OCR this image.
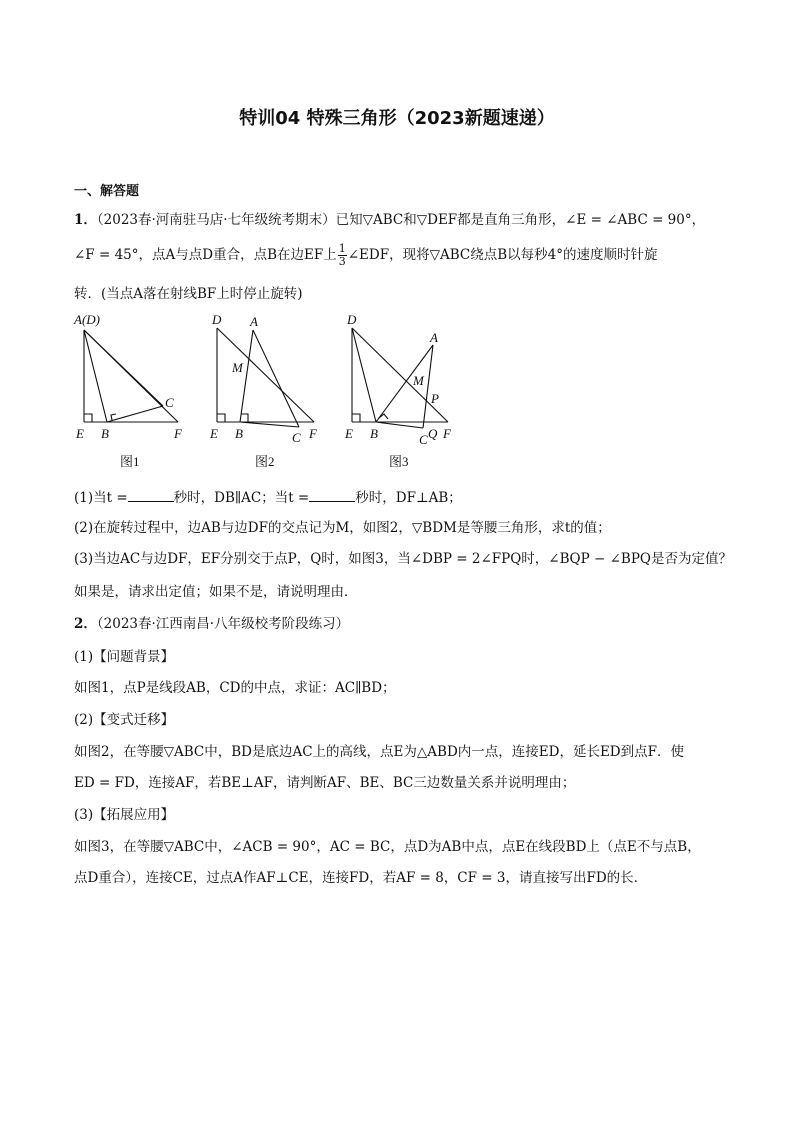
特训04 特殊三角形（2023新题速递）
一、解答题
1．（2023春·河南驻马店·七年级统考期末）已知▽ABC和▽DEF都是直角三角形，∠E = ∠ABC = 90°，
∠F = 45°，点A与点D重合，点B在边EF上 $\frac{1}{3}$ ∠EDF，现将▽ABC绕点B以每秒4°的速度顺时针旋
转．(当点A落在射线BF上时停止旋转)
A(D)
E B
C
F
图1
D A
M
E B	C F
图2
D
A
M
P
E B	Q F
C
图3
(1)当t =	秒时，DB∥AC；当t =	秒时，DF⊥AB；
(2)在旋转过程中，边AB与边DF的交点记为M，如图2，▽BDM是等腰三角形，求t的值；
(3)当边AC与边DF，EF分别交于点P，Q时，如图3，当∠DBP = 2∠FPQ时，∠BQP − ∠BPQ是否为定值？
如果是，请求出定值；如果不是，请说明理由．
2．（2023春·江西南昌·八年级校考阶段练习）
(1)【问题背景】
如图1，点P是线段AB，CD的中点，求证：AC∥BD；
(2)【变式迁移】
如图2，在等腰▽ABC中，BD是底边AC上的高线，点E为△ABD内一点，连接ED，延长ED到点F．使
ED = FD，连接AF，若BE⊥AF，请判断AF、BE、BC三边数量关系并说明理由；
(3)【拓展应用】
如图3，在等腰▽ABC中，∠ACB = 90°，AC = BC，点D为AB中点，点E在线段BD上（点E不与点B，
点D重合），连接CE，过点A作AF⊥CE，连接FD，若AF = 8，CF = 3，请直接写出FD的长．
